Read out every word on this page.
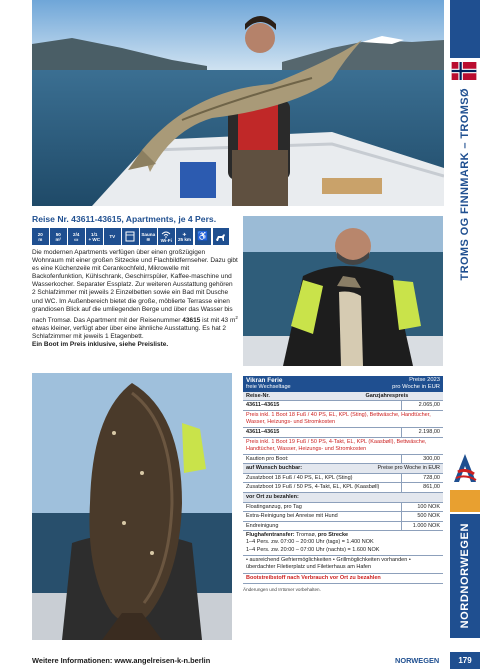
TROMS OG FINNMARK – TROMSØ
NORDNORWEGEN
179
Reise Nr. 43611-43615, Apartments, je 4 Pers.
20
m
50
m²
2/4
▭
1/1
+ WC TV	Sauna
≋ Wi-Fi
✈
25 km ♿
Die modernen Apartments verfügen über einen großzügigen Wohnraum mit einer großen Sitzecke und Flachbildfernseher. Dazu gibt es eine Küchenzeile mit Cerankochfeld, Mikrowelle mit Backofenfunktion, Kühlschrank, Geschirrspüler, Kaffee-maschine und Wasserkocher. Separater Essplatz. Zur weiteren Ausstattung gehören 2 Schlafzimmer mit jeweils 2 Einzelbetten sowie ein Bad mit Dusche und WC. Im Außenbereich bietet die große, möblierte Terrasse einen grandiosen Blick auf die umliegenden Berge und über das Wasser bis nach Tromsø. Das Apartment mit der Reisenummer 43615 ist mit 43 $m^2$ etwas kleiner, verfügt aber über eine ähnliche Ausstattung. Es hat 2 Schlafzimmer mit jeweils 1 Etagenbett.
Ein Boot im Preis inklusive, siehe Preisliste.
Vikran Ferie
freie Wechseltage
Preise 2023
pro Woche in EUR
Reise-Nr.	Ganzjahrespreis
43611–43615	2.065,00
Preis inkl. 1 Boot 18 Fuß / 40 PS, EL, KPL (Sting), Bettwäsche, Handtücher, Wasser, Heizungs- und Stromkosten
43611–43615	2.198,00
Preis inkl. 1 Boot 19 Fuß / 50 PS, 4-Takt, EL, KPL (Kaasbøll), Bettwäsche, Handtücher, Wasser, Heizungs- und Stromkosten
Kaution pro Boot:	300,00
auf Wunsch buchbar:	Preise pro Woche in EUR
Zusatzboot 18 Fuß / 40 PS, EL, KPL (Sting)	728,00
Zusatzboot 19 Fuß / 50 PS, 4-Takt, EL, KPL (Kaasbøll)	861,00
vor Ort zu bezahlen:
Floatinganzug, pro Tag	100 NOK
Extra-Reinigung bei Anreise mit Hund	500 NOK
Endreinigung	1.000 NOK
Flughafentransfer: Tromsø, pro Strecke
1–4 Pers. zw. 07:00 – 20:00 Uhr (tags) = 1.400 NOK
1–4 Pers. zw. 20:00 – 07:00 Uhr (nachts) = 1.600 NOK
• ausreichend Gefriermöglichkeiten • Grillmöglichkeiten vorhanden • überdachter Filetierplatz und Filetierhaus am Hafen
Bootstreibstoff nach Verbrauch vor Ort zu bezahlen
Änderungen und Irrtümer vorbehalten.
Weitere Informationen: www.angelreisen-k-n.berlin	NORWEGEN
